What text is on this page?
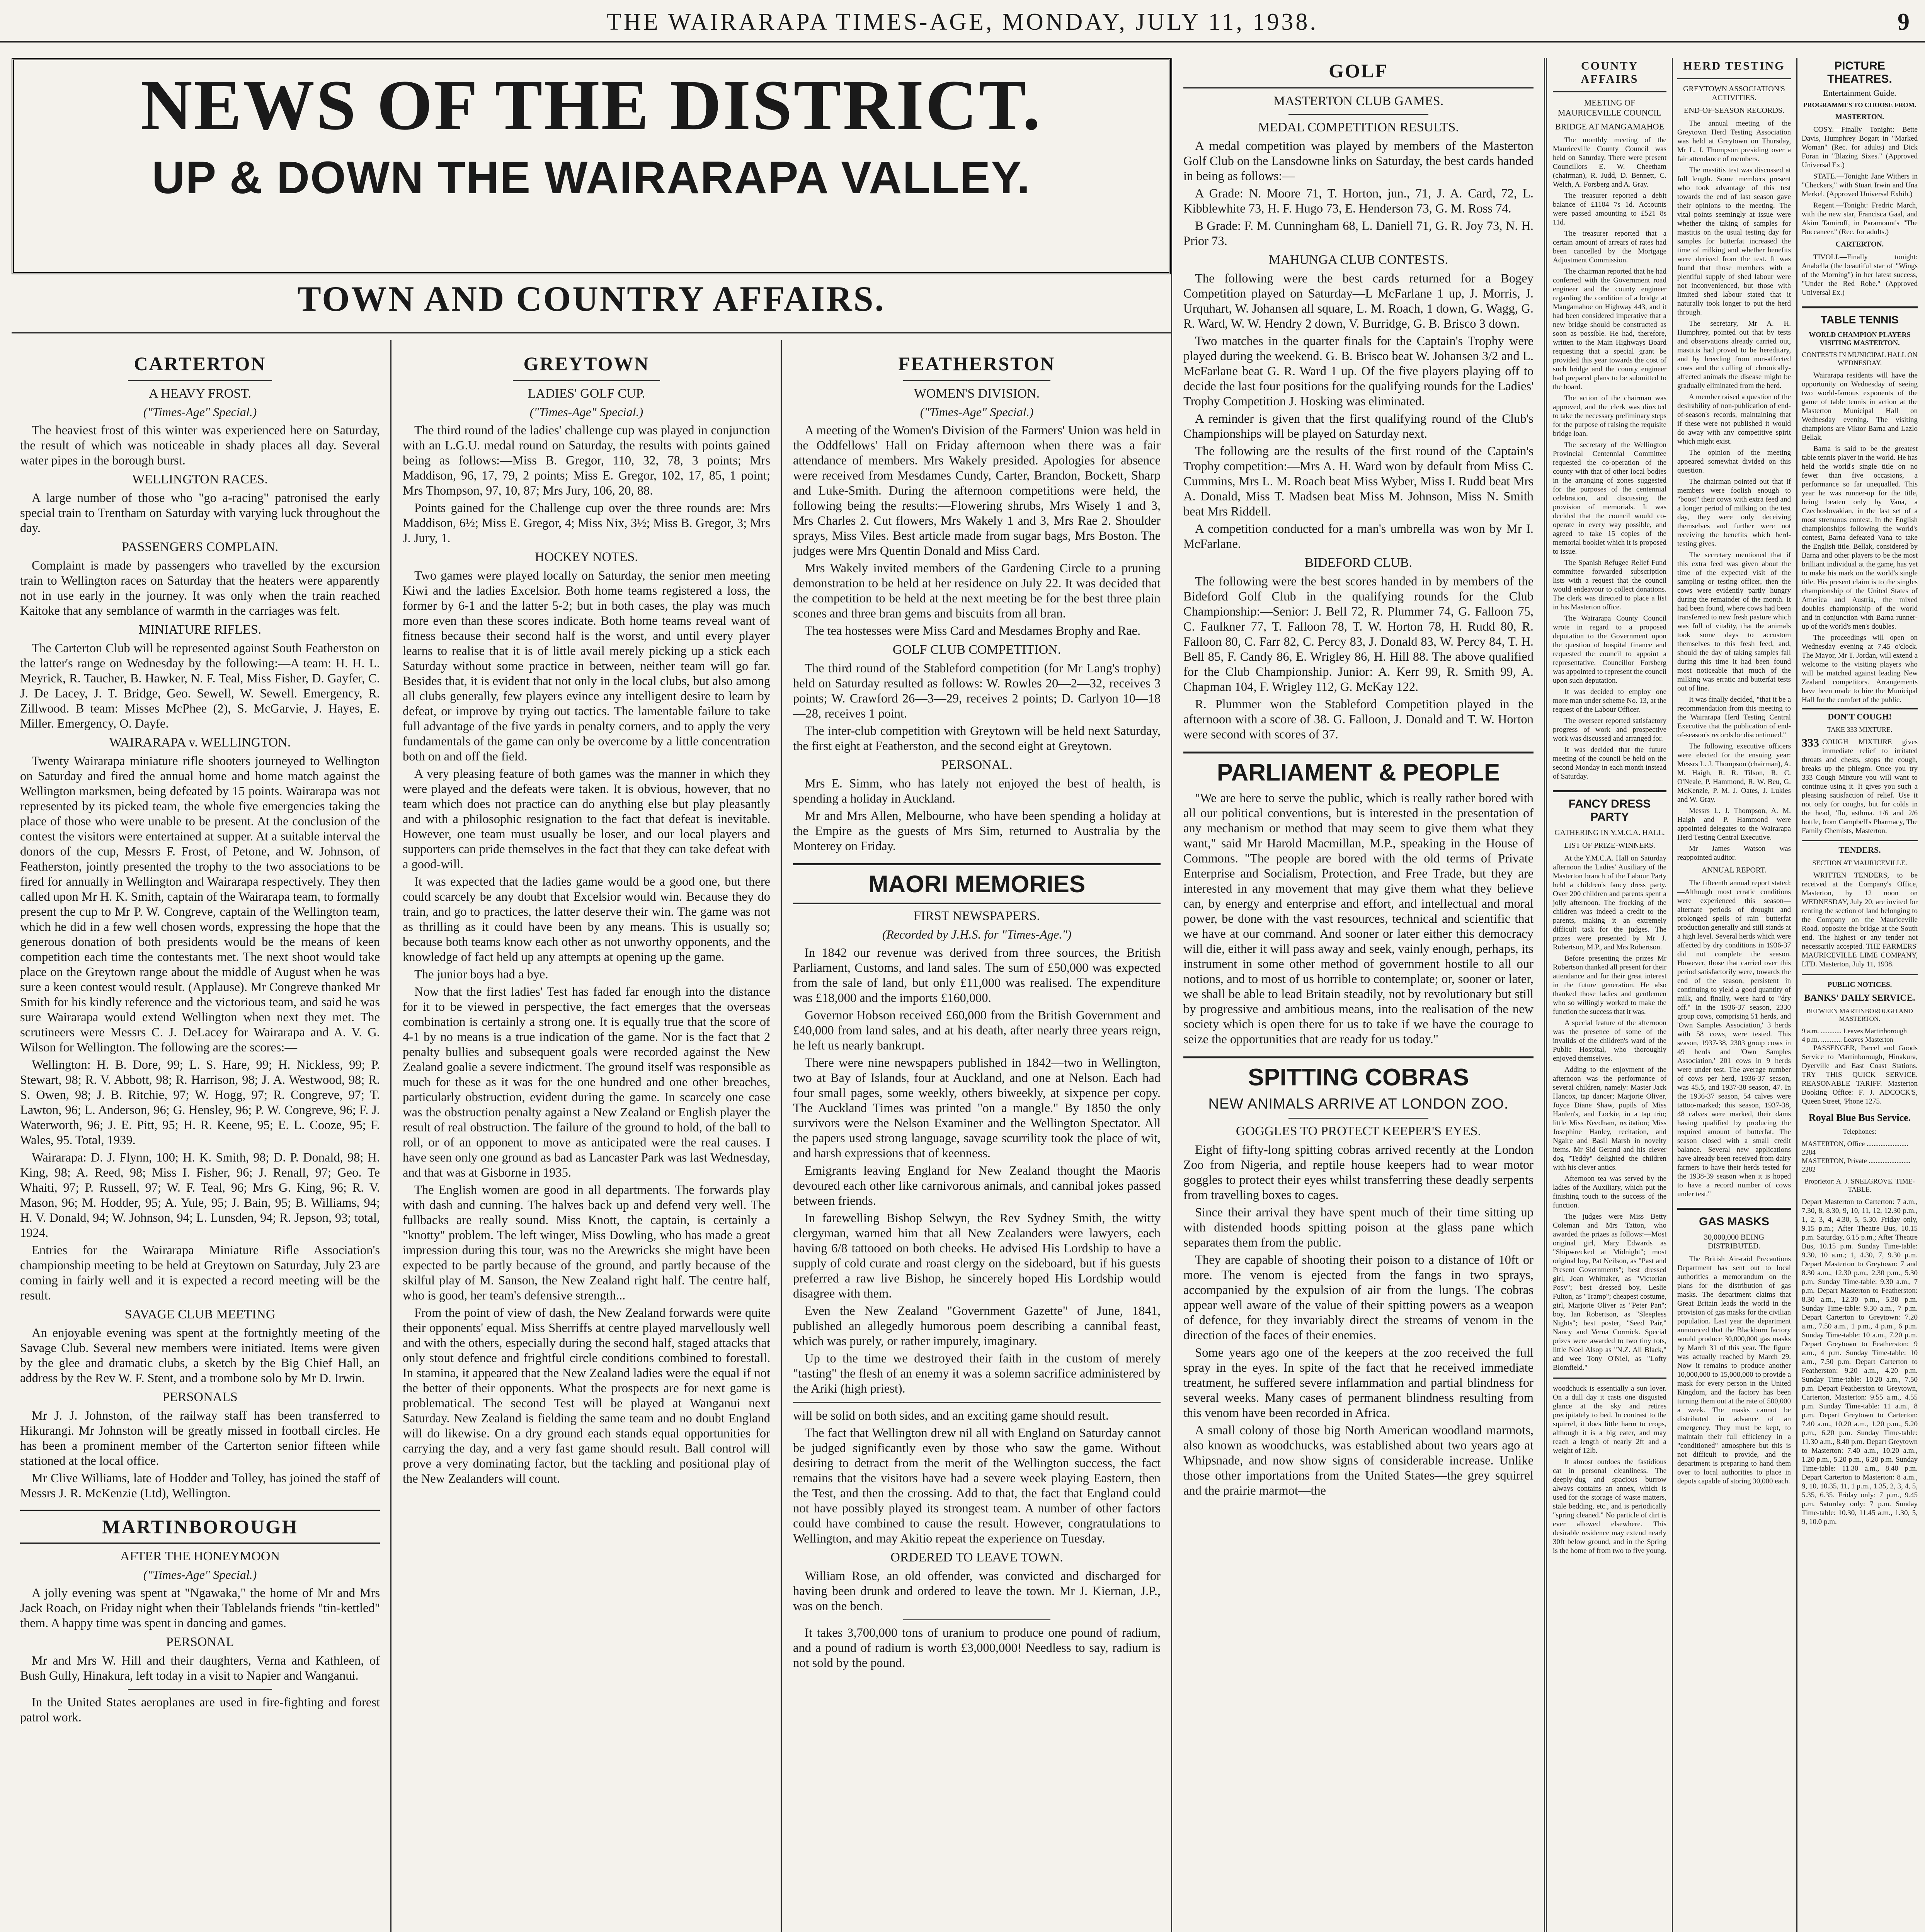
THE WAIRARAPA TIMES-AGE, MONDAY, JULY 11, 1938.	9
NEWS OF THE DISTRICT.
UP & DOWN THE WAIRARAPA VALLEY.
TOWN AND COUNTRY AFFAIRS.
CARTERTON
A HEAVY FROST.
("Times-Age" Special.)

The heaviest frost of this winter was experienced here on Saturday, the result of which was noticeable in shady places all day. Several water pipes in the borough burst.

WELLINGTON RACES.

A large number of those who "go a-racing" patronised the early special train to Trentham on Saturday with varying luck throughout the day.

PASSENGERS COMPLAIN.

Complaint is made by passengers who travelled by the excursion train to Wellington races on Saturday that the heaters were apparently not in use early in the journey. It was only when the train reached Kaitoke that any semblance of warmth in the carriages was felt.

MINIATURE RIFLES.

The Carterton Club will be represented against South Featherston on the latter's range on Wednesday by the following:—A team: H. H. L. Meyrick, R. Taucher, B. Hawker, N. F. Teal, Miss Fisher, D. Gayfer, C. J. De Lacey, J. T. Bridge, Geo. Sewell, W. Sewell. Emergency, R. Zillwood. B team: Misses McPhee (2), S. McGarvie, J. Hayes, E. Miller. Emergency, O. Dayfe.

WAIRARAPA v. WELLINGTON.

Twenty Wairarapa miniature rifle shooters journeyed to Wellington on Saturday and fired the annual home and home match against the Wellington marksmen, being defeated by 15 points. Wairarapa was not represented by its picked team, the whole five emergencies taking the place of those who were unable to be present. At the conclusion of the contest the visitors were entertained at supper. At a suitable interval the donors of the cup, Messrs F. Frost, of Petone, and W. Johnson, of Featherston, jointly presented the trophy to the two associations to be fired for annually in Wellington and Wairarapa respectively. They then called upon Mr H. K. Smith, captain of the Wairarapa team, to formally present the cup to Mr P. W. Congreve, captain of the Wellington team, which he did in a few well chosen words, expressing the hope that the generous donation of both presidents would be the means of keen competition each time the contestants met. The next shoot would take place on the Greytown range about the middle of August when he was sure a keen contest would result. (Applause). Mr Congreve thanked Mr Smith for his kindly reference and the victorious team, and said he was sure Wairarapa would extend Wellington when next they met. The scrutineers were Messrs C. J. DeLacey for Wairarapa and A. V. G. Wilson for Wellington. The following are the scores:—

Wellington: H. B. Dore, 99; L. S. Hare, 99; H. Nickless, 99; P. Stewart, 98; R. V. Abbott, 98; R. Harrison, 98; J. A. Westwood, 98; R. S. Owen, 98; J. B. Ritchie, 97; W. Hogg, 97; R. Congreve, 97; T. Lawton, 96; L. Anderson, 96; G. Hensley, 96; P. W. Congreve, 96; F. J. Waterworth, 96; J. E. Pitt, 95; H. R. Keene, 95; E. L. Cooze, 95; F. Wales, 95. Total, 1939.

Wairarapa: D. J. Flynn, 100; H. K. Smith, 98; D. P. Donald, 98; H. King, 98; A. Reed, 98; Miss I. Fisher, 96; J. Renall, 97; Geo. Te Whaiti, 97; P. Russell, 97; W. F. Teal, 96; Mrs G. King, 96; R. V. Mason, 96; M. Hodder, 95; A. Yule, 95; J. Bain, 95; B. Williams, 94; H. V. Donald, 94; W. Johnson, 94; L. Lunsden, 94; R. Jepson, 93; total, 1924.

Entries for the Wairarapa Miniature Rifle Association's championship meeting to be held at Greytown on Saturday, July 23 are coming in fairly well and it is expected a record meeting will be the result.

SAVAGE CLUB MEETING

An enjoyable evening was spent at the fortnightly meeting of the Savage Club. Several new members were initiated. Items were given by the glee and dramatic clubs, a sketch by the Big Chief Hall, an address by the Rev W. F. Stent, and a trombone solo by Mr D. Irwin.

PERSONALS

Mr J. J. Johnston, of the railway staff has been transferred to Hikurangi. Mr Johnston will be greatly missed in football circles. He has been a prominent member of the Carterton senior fifteen while stationed at the local office.

Mr Clive Williams, late of Hodder and Tolley, has joined the staff of Messrs J. R. McKenzie (Ltd), Wellington.

MARTINBOROUGH
AFTER THE HONEYMOON
("Times-Age" Special.)

A jolly evening was spent at "Ngawaka," the home of Mr and Mrs Jack Roach, on Friday night when their Tablelands friends "tin-kettled" them. A happy time was spent in dancing and games.

PERSONAL

Mr and Mrs W. Hill and their daughters, Verna and Kathleen, of Bush Gully, Hinakura, left today in a visit to Napier and Wanganui.

In the United States aeroplanes are used in fire-fighting and forest patrol work.

GREYTOWN
LADIES' GOLF CUP.
("Times-Age" Special.)

The third round of the ladies' challenge cup was played in conjunction with an L.G.U. medal round on Saturday, the results with points gained being as follows:—Miss B. Gregor, 110, 32, 78, 3 points; Mrs Maddison, 96, 17, 79, 2 points; Miss E. Gregor, 102, 17, 85, 1 point; Mrs Thompson, 97, 10, 87; Mrs Jury, 106, 20, 88.

Points gained for the Challenge cup over the three rounds are: Mrs Maddison, 6½; Miss E. Gregor, 4; Miss Nix, 3½; Miss B. Gregor, 3; Mrs J. Jury, 1.

HOCKEY NOTES.

Two games were played locally on Saturday, the senior men meeting Kiwi and the ladies Excelsior. Both home teams registered a loss, the former by 6-1 and the latter 5-2; but in both cases, the play was much more even than these scores indicate. Both home teams reveal want of fitness because their second half is the worst, and until every player learns to realise that it is of little avail merely picking up a stick each Saturday without some practice in between, neither team will go far. Besides that, it is evident that not only in the local clubs, but also among all clubs generally, few players evince any intelligent desire to learn by defeat, or improve by trying out tactics. The lamentable failure to take full advantage of the five yards in penalty corners, and to apply the very fundamentals of the game can only be overcome by a little concentration both on and off the field.

A very pleasing feature of both games was the manner in which they were played and the defeats were taken. It is obvious, however, that no team which does not practice can do anything else but play pleasantly and with a philosophic resignation to the fact that defeat is inevitable. However, one team must usually be loser, and our local players and supporters can pride themselves in the fact that they can take defeat with a good-will.

It was expected that the ladies game would be a good one, but there could scarcely be any doubt that Excelsior would win. Because they do train, and go to practices, the latter deserve their win. The game was not as thrilling as it could have been by any means. This is usually so; because both teams know each other as not unworthy opponents, and the knowledge of fact held up any attempts at opening up the game.

The junior boys had a bye.

Now that the first ladies' Test has faded far enough into the distance for it to be viewed in perspective, the fact emerges that the overseas combination is certainly a strong one. It is equally true that the score of 4-1 by no means is a true indication of the game. Nor is the fact that 2 penalty bullies and subsequent goals were recorded against the New Zealand goalie a severe indictment. The ground itself was responsible as much for these as it was for the one hundred and one other breaches, particularly obstruction, evident during the game. In scarcely one case was the obstruction penalty against a New Zealand or English player the result of real obstruction. The failure of the ground to hold, of the ball to roll, or of an opponent to move as anticipated were the real causes. I have seen only one ground as bad as Lancaster Park was last Wednesday, and that was at Gisborne in 1935.

The English women are good in all departments. The forwards play with dash and cunning. The halves back up and defend very well. The fullbacks are really sound. Miss Knott, the captain, is certainly a "knotty" problem. The left winger, Miss Dowling, who has made a great impression during this tour, was no the Arewricks she might have been expected to be partly because of the ground, and partly because of the skilful play of M. Sanson, the New Zealand right half. The centre half, who is good, her team's defensive strength...

From the point of view of dash, the New Zealand forwards were quite their opponents' equal. Miss Sherriffs at centre played marvellously well and with the others, especially during the second half, staged attacks that only stout defence and frightful circle conditions combined to forestall. In stamina, it appeared that the New Zealand ladies were the equal if not the better of their opponents. What the prospects are for next game is problematical. The second Test will be played at Wanganui next Saturday. New Zealand is fielding the same team and no doubt England will do likewise. On a dry ground each stands equal opportunities for carrying the day, and a very fast game should result. Ball control will prove a very dominating factor, but the tackling and positional play of the New Zealanders will count.

FEATHERSTON
WOMEN'S DIVISION.
("Times-Age" Special.)

A meeting of the Women's Division of the Farmers' Union was held in the Oddfellows' Hall on Friday afternoon when there was a fair attendance of members. Mrs Wakely presided. Apologies for absence were received from Mesdames Cundy, Carter, Brandon, Bockett, Sharp and Luke-Smith. During the afternoon competitions were held, the following being the results:—Flowering shrubs, Mrs Wisely 1 and 3, Mrs Charles 2. Cut flowers, Mrs Wakely 1 and 3, Mrs Rae 2. Shoulder sprays, Miss Viles. Best article made from sugar bags, Mrs Boston. The judges were Mrs Quentin Donald and Miss Card.

Mrs Wakely invited members of the Gardening Circle to a pruning demonstration to be held at her residence on July 22. It was decided that the competition to be held at the next meeting be for the best three plain scones and three bran gems and biscuits from all bran.

The tea hostesses were Miss Card and Mesdames Brophy and Rae.

GOLF CLUB COMPETITION.

The third round of the Stableford competition (for Mr Lang's trophy) held on Saturday resulted as follows: W. Rowles 20—2—32, receives 3 points; W. Crawford 26—3—29, receives 2 points; D. Carlyon 10—18—28, receives 1 point.

The inter-club competition with Greytown will be held next Saturday, the first eight at Featherston, and the second eight at Greytown.

PERSONAL.

Mrs E. Simm, who has lately not enjoyed the best of health, is spending a holiday in Auckland.

Mr and Mrs Allen, Melbourne, who have been spending a holiday at the Empire as the guests of Mrs Sim, returned to Australia by the Monterey on Friday.

MAORI MEMORIES
FIRST NEWSPAPERS.
(Recorded by J.H.S. for "Times-Age.")

In 1842 our revenue was derived from three sources, the British Parliament, Customs, and land sales. The sum of £50,000 was expected from the sale of land, but only £11,000 was realised. The expenditure was £18,000 and the imports £160,000.

Governor Hobson received £60,000 from the British Government and £40,000 from land sales, and at his death, after nearly three years reign, he left us nearly bankrupt.

There were nine newspapers published in 1842—two in Wellington, two at Bay of Islands, four at Auckland, and one at Nelson. Each had four small pages, some weekly, others biweekly, at sixpence per copy. The Auckland Times was printed "on a mangle." By 1850 the only survivors were the Nelson Examiner and the Wellington Spectator. All the papers used strong language, savage scurrility took the place of wit, and harsh expressions that of keenness.

Emigrants leaving England for New Zealand thought the Maoris devoured each other like carnivorous animals, and cannibal jokes passed between friends.

In farewelling Bishop Selwyn, the Rev Sydney Smith, the witty clergyman, warned him that all New Zealanders were lawyers, each having 6/8 tattooed on both cheeks. He advised His Lordship to have a supply of cold curate and roast clergy on the sideboard, but if his guests preferred a raw live Bishop, he sincerely hoped His Lordship would disagree with them.

Even the New Zealand "Government Gazette" of June, 1841, published an allegedly humorous poem describing a cannibal feast, which was purely, or rather impurely, imaginary.

Up to the time we destroyed their faith in the custom of merely "tasting" the flesh of an enemy it was a solemn sacrifice administered by the Ariki (high priest).

will be solid on both sides, and an exciting game should result.

The fact that Wellington drew nil all with England on Saturday cannot be judged significantly even by those who saw the game. Without desiring to detract from the merit of the Wellington success, the fact remains that the visitors have had a severe week playing Eastern, then the Test, and then the crossing. Add to that, the fact that England could not have possibly played its strongest team. A number of other factors could have combined to cause the result. However, congratulations to Wellington, and may Akitio repeat the experience on Tuesday.

ORDERED TO LEAVE TOWN.

William Rose, an old offender, was convicted and discharged for having been drunk and ordered to leave the town. Mr J. Kiernan, J.P., was on the bench.

It takes 3,700,000 tons of uranium to produce one pound of radium, and a pound of radium is worth £3,000,000! Needless to say, radium is not sold by the pound.

GOLF
MASTERTON CLUB GAMES.
MEDAL COMPETITION RESULTS.

A medal competition was played by members of the Masterton Golf Club on the Lansdowne links on Saturday, the best cards handed in being as follows:—

A Grade: N. Moore 71, T. Horton, jun., 71, J. A. Card, 72, L. Kibblewhite 73, H. F. Hugo 73, E. Henderson 73, G. M. Ross 74.

B Grade: F. M. Cunningham 68, L. Daniell 71, G. R. Joy 73, N. H. Prior 73.

MAHUNGA CLUB CONTESTS.

The following were the best cards returned for a Bogey Competition played on Saturday—L McFarlane 1 up, J. Morris, J. Urquhart, W. Johansen all square, L. M. Roach, 1 down, G. Wagg, G. R. Ward, W. W. Hendry 2 down, V. Burridge, G. B. Brisco 3 down.

Two matches in the quarter finals for the Captain's Trophy were played during the weekend. G. B. Brisco beat W. Johansen 3/2 and L. McFarlane beat G. R. Ward 1 up. Of the five players playing off to decide the last four positions for the qualifying rounds for the Ladies' Trophy Competition J. Hosking was eliminated.

A reminder is given that the first qualifying round of the Club's Championships will be played on Saturday next.

The following are the results of the first round of the Captain's Trophy competition:—Mrs A. H. Ward won by default from Miss C. Cummins, Mrs L. M. Roach beat Miss Wyber, Miss I. Rudd beat Mrs A. Donald, Miss T. Madsen beat Miss M. Johnson, Miss N. Smith beat Mrs Riddell.

A competition conducted for a man's umbrella was won by Mr I. McFarlane.

BIDEFORD CLUB.

The following were the best scores handed in by members of the Bideford Golf Club in the qualifying rounds for the Club Championship:—Senior: J. Bell 72, R. Plummer 74, G. Falloon 75, C. Faulkner 77, T. Falloon 78, T. W. Horton 78, H. Rudd 80, R. Falloon 80, C. Farr 82, C. Percy 83, J. Donald 83, W. Percy 84, T. H. Bell 85, F. Candy 86, E. Wrigley 86, H. Hill 88. The above qualified for the Club Championship. Junior: A. Kerr 99, R. Smith 99, A. Chapman 104, F. Wrigley 112, G. McKay 122.

R. Plummer won the Stableford Competition played in the afternoon with a score of 38. G. Falloon, J. Donald and T. W. Horton were second with scores of 37.

PARLIAMENT & PEOPLE

"We are here to serve the public, which is really rather bored with all our political conventions, but is interested in the presentation of any mechanism or method that may seem to give them what they want," said Mr Harold Macmillan, M.P., speaking in the House of Commons. "The people are bored with the old terms of Private Enterprise and Socialism, Protection, and Free Trade, but they are interested in any movement that may give them what they believe can, by energy and enterprise and effort, and intellectual and moral power, be done with the vast resources, technical and scientific that we have at our command. And sooner or later either this democracy will die, either it will pass away and seek, vainly enough, perhaps, its instrument in some other method of government hostile to all our notions, and to most of us horrible to contemplate; or, sooner or later, we shall be able to lead Britain steadily, not by revolutionary but still by progressive and ambitious means, into the realisation of the new society which is open there for us to take if we have the courage to seize the opportunities that are ready for us today."

SPITTING COBRAS
NEW ANIMALS ARRIVE AT LONDON ZOO.
GOGGLES TO PROTECT KEEPER'S EYES.

Eight of fifty-long spitting cobras arrived recently at the London Zoo from Nigeria, and reptile house keepers had to wear motor goggles to protect their eyes whilst transferring these deadly serpents from travelling boxes to cages.

Since their arrival they have spent much of their time sitting up with distended hoods spitting poison at the glass pane which separates them from the public.

They are capable of shooting their poison to a distance of 10ft or more. The venom is ejected from the fangs in two sprays, accompanied by the expulsion of air from the lungs. The cobras appear well aware of the value of their spitting powers as a weapon of defence, for they invariably direct the streams of venom in the direction of the faces of their enemies.

Some years ago one of the keepers at the zoo received the full spray in the eyes. In spite of the fact that he received immediate treatment, he suffered severe inflammation and partial blindness for several weeks. Many cases of permanent blindness resulting from this venom have been recorded in Africa.

A small colony of those big North American woodland marmots, also known as woodchucks, was established about two years ago at Whipsnade, and now show signs of considerable increase. Unlike those other importations from the United States—the grey squirrel and the prairie marmot—the

COUNTY AFFAIRS
MEETING OF MAURICEVILLE COUNCIL
BRIDGE AT MANGAMAHOE

The monthly meeting of the Mauriceville County Council was held on Saturday. There were present Councillors E. W. Cheetham (chairman), R. Judd, D. Bennett, C. Welch, A. Forsberg and A. Gray.

The treasurer reported a debit balance of £1104 7s 1d. Accounts were passed amounting to £521 8s 11d.

The treasurer reported that a certain amount of arrears of rates had been cancelled by the Mortgage Adjustment Commission.

The chairman reported that he had conferred with the Government road engineer and the county engineer regarding the condition of a bridge at Mangamahoe on Highway 443, and it had been considered imperative that a new bridge should be constructed as soon as possible. He had, therefore, written to the Main Highways Board requesting that a special grant be provided this year towards the cost of such bridge and the county engineer had prepared plans to be submitted to the board.

The action of the chairman was approved, and the clerk was directed to take the necessary preliminary steps for the purpose of raising the requisite bridge loan.

The secretary of the Wellington Provincial Centennial Committee requested the co-operation of the county with that of other local bodies in the arranging of zones suggested for the purposes of the centennial celebration, and discussing the provision of memorials. It was decided that the council would co-operate in every way possible, and agreed to take 15 copies of the memorial booklet which it is proposed to issue.

The Spanish Refugee Relief Fund committee forwarded subscription lists with a request that the council would endeavour to collect donations. The clerk was directed to place a list in his Masterton office.

The Wairarapa County Council wrote in regard to a proposed deputation to the Government upon the question of hospital finance and requested the council to appoint a representative. Councillor Forsberg was appointed to represent the council upon such deputation.

It was decided to employ one more man under scheme No. 13, at the request of the Labour Officer.

The overseer reported satisfactory progress of work and prospective work was discussed and arranged for.

It was decided that the future meeting of the council be held on the second Monday in each month instead of Saturday.

FANCY DRESS PARTY
GATHERING IN Y.M.C.A. HALL.
LIST OF PRIZE-WINNERS.

At the Y.M.C.A. Hall on Saturday afternoon the Ladies' Auxiliary of the Masterton branch of the Labour Party held a children's fancy dress party. Over 200 children and parents spent a jolly afternoon. The frocking of the children was indeed a credit to the parents, making it an extremely difficult task for the judges. The prizes were presented by Mr J. Robertson, M.P., and Mrs Robertson.

Before presenting the prizes Mr Robertson thanked all present for their attendance and for their great interest in the future generation. He also thanked those ladies and gentlemen who so willingly worked to make the function the success that it was.

A special feature of the afternoon was the presence of some of the invalids of the children's ward of the Public Hospital, who thoroughly enjoyed themselves.

Adding to the enjoyment of the afternoon was the performance of several children, namely: Master Jack Hancox, tap dancer; Marjorie Oliver, Joyce Diane Shaw, pupils of Miss Hanlen's, and Lockie, in a tap trio; little Miss Needham, recitation; Miss Josephine Hanley, recitation, and Ngaire and Basil Marsh in novelty items. Mr Sid Gerand and his clever dog "Teddy" delighted the children with his clever antics.

Afternoon tea was served by the ladies of the Auxiliary, which put the finishing touch to the success of the function.

The judges were Miss Betty Coleman and Mrs Tatton, who awarded the prizes as follows:—Most original girl, Mary Edwards as "Shipwrecked at Midnight"; most original boy, Pat Neilson, as "Past and Present Governments"; best dressed girl, Joan Whittaker, as "Victorian Posy"; best dressed boy, Leslie Fulton, as "Tramp"; cheapest costume, girl, Marjorie Oliver as "Peter Pan"; boy, Ian Robertson, as "Sleepless Nights"; best poster, "Seed Pair," Nancy and Verna Cormick. Special prizes were awarded to two tiny tots, little Noel Alsop as "N.Z. All Black," and wee Tony O'Niel, as "Lofty Blomfield."

woodchuck is essentially a sun lover. On a dull day it casts one disgusted glance at the sky and retires precipitately to bed. In contrast to the squirrel, it does little harm to crops, although it is a big eater, and may reach a length of nearly 2ft and a weight of 12lb.

It almost outdoes the fastidious cat in personal cleanliness. The deeply-dug and spacious burrow always contains an annex, which is used for the storage of waste matters, stale bedding, etc., and is periodically "spring cleaned." No particle of dirt is ever allowed elsewhere. This desirable residence may extend nearly 30ft below ground, and in the Spring is the home of from two to five young.

HERD TESTING
GREYTOWN ASSOCIATION'S ACTIVITIES.
END-OF-SEASON RECORDS.

The annual meeting of the Greytown Herd Testing Association was held at Greytown on Thursday, Mr L. J. Thompson presiding over a fair attendance of members.

The mastitis test was discussed at full length. Some members present who took advantage of this test towards the end of last season gave their opinions to the meeting. The vital points seemingly at issue were whether the taking of samples for mastitis on the usual testing day for samples for butterfat increased the time of milking and whether benefits were derived from the test. It was found that those members with a plentiful supply of shed labour were not inconvenienced, but those with limited shed labour stated that it naturally took longer to put the herd through.

The secretary, Mr A. H. Humphrey, pointed out that by tests and observations already carried out, mastitis had proved to be hereditary, and by breeding from non-affected cows and the culling of chronically-affected animals the disease might be gradually eliminated from the herd.

A member raised a question of the desirability of non-publication of end-of-season's records, maintaining that if these were not published it would do away with any competitive spirit which might exist.

The opinion of the meeting appeared somewhat divided on this question.

The chairman pointed out that if members were foolish enough to "boost" their cows with extra feed and a longer period of milking on the test day, they were only deceiving themselves and further were not receiving the benefits which herd-testing gives.

The secretary mentioned that if this extra feed was given about the time of the expected visit of the sampling or testing officer, then the cows were evidently partly hungry during the remainder of the month. It had been found, where cows had been transferred to new fresh pasture which was full of vitality, that the animals took some days to accustom themselves to this fresh feed, and, should the day of taking samples fall during this time it had been found most noticeable that much of the milking was erratic and butterfat tests out of line.

It was finally decided, "that it be a recommendation from this meeting to the Wairarapa Herd Testing Central Executive that the publication of end-of-season's records be discontinued."

The following executive officers were elected for the ensuing year: Messrs L. J. Thompson (chairman), A. M. Haigh, R. R. Tilson, R. C. O'Neale, P. Hammond, R. W. Beu, G. McKenzie, P. M. J. Oates, J. Lukies and W. Gray.

Messrs L. J. Thompson, A. M. Haigh and P. Hammond were appointed delegates to the Wairarapa Herd Testing Central Executive.

Mr James Watson was reappointed auditor.

ANNUAL REPORT.

The fifteenth annual report stated:—Although most erratic conditions were experienced this season—alternate periods of drought and prolonged spells of rain—butterfat production generally and still stands at a high level. Several herds which were affected by dry conditions in 1936-37 did not complete the season. However, those that carried over this period satisfactorily were, towards the end of the season, persistent in continuing to yield a good quantity of milk, and finally, were hard to "dry off." In the 1936-37 season, 2330 group cows, comprising 51 herds, and 'Own Samples Association,' 3 herds with 58 cows, were tested. This season, 1937-38, 2303 group cows in 49 herds and 'Own Samples Association,' 201 cows in 9 herds were under test. The average number of cows per herd, 1936-37 season, was 45.5, and 1937-38 season, 47. In the 1936-37 season, 54 calves were tattoo-marked; this season, 1937-38, 48 calves were marked, their dams having qualified by producing the required amount of butterfat. The season closed with a small credit balance. Several new applications have already been received from dairy farmers to have their herds tested for the 1938-39 season when it is hoped to have a record number of cows under test."

GAS MASKS
30,000,000 BEING DISTRIBUTED.

The British Air-raid Precautions Department has sent out to local authorities a memorandum on the plans for the distribution of gas masks. The department claims that Great Britain leads the world in the provision of gas masks for the civilian population. Last year the department announced that the Blackburn factory would produce 30,000,000 gas masks by March 31 of this year. The figure was actually reached by March 29. Now it remains to produce another 10,000,000 to 15,000,000 to provide a mask for every person in the United Kingdom, and the factory has been turning them out at the rate of 500,000 a week. The masks cannot be distributed in advance of an emergency. They must be kept, to maintain their full efficiency in a "conditioned" atmosphere but this is not difficult to provide, and the department is preparing to hand them over to local authorities to place in depots capable of storing 30,000 each.

PICTURE THEATRES.
Entertainment Guide.
PROGRAMMES TO CHOOSE FROM.
MASTERTON.

COSY.—Finally Tonight: Bette Davis, Humphrey Bogart in "Marked Woman" (Rec. for adults) and Dick Foran in "Blazing Sixes." (Approved Universal Ex.)

STATE.—Tonight: Jane Withers in "Checkers," with Stuart Irwin and Una Merkel. (Approved Universal Exhib.)

Regent.—Tonight: Fredric March, with the new star, Francisca Gaal, and Akim Tamiroff, in Paramount's "The Buccaneer." (Rec. for adults.)

CARTERTON.

TIVOLI.—Finally tonight: Anabella (the beautiful star of "Wings of the Morning") in her latest success, "Under the Red Robe." (Approved Universal Ex.)

TABLE TENNIS
WORLD CHAMPION PLAYERS VISITING MASTERTON.
CONTESTS IN MUNICIPAL HALL ON WEDNESDAY.

Wairarapa residents will have the opportunity on Wednesday of seeing two world-famous exponents of the game of table tennis in action at the Masterton Municipal Hall on Wednesday evening. The visiting champions are Viktor Barna and Lazlo Bellak.

Barna is said to be the greatest table tennis player in the world. He has held the world's single title on no fewer than five occasions, a performance so far unequalled. This year he was runner-up for the title, being beaten only by Vana, a Czechoslovakian, in the last set of a most strenuous contest. In the English championships following the world's contest, Barna defeated Vana to take the English title. Bellak, considered by Barna and other players to be the most brilliant individual at the game, has yet to make his mark on the world's single title. His present claim is to the singles championship of the United States of America and Austria, the mixed doubles championship of the world and in conjunction with Barna runner-up of the world's men's doubles.

The proceedings will open on Wednesday evening at 7.45 o'clock. The Mayor, Mr T. Jordan, will extend a welcome to the visiting players who will be matched against leading New Zealand competitors. Arrangements have been made to hire the Municipal Hall for the comfort of the public.

DON'T COUGH!
TAKE 333 MIXTURE.

333 COUGH MIXTURE gives immediate relief to irritated throats and chests, stops the cough, breaks up the phlegm. Once you try 333 Cough Mixture you will want to continue using it. It gives you such a pleasing satisfaction of relief. Use it not only for coughs, but for colds in the head, 'flu, asthma. 1/6 and 2/6 bottle, from Campbell's Pharmacy, The Family Chemists, Masterton.

TENDERS.
SECTION AT MAURICEVILLE.

WRITTEN TENDERS, to be received at the Company's Office, Masterton, by 12 noon on WEDNESDAY, July 20, are invited for renting the section of land belonging to the Company on the Mauriceville Road, opposite the bridge at the South end. The highest or any tender not necessarily accepted. THE FARMERS' MAURICEVILLE LIME COMPANY, LTD. Masterton, July 11, 1938.

PUBLIC NOTICES.
BANKS' DAILY SERVICE.
BETWEEN MARTINBOROUGH AND MASTERTON.
9 a.m. ............ Leaves Martinborough
4 p.m. ............ Leaves Masterton

PASSENGER, Parcel and Goods Service to Martinborough, Hinakura, Dyerville and East Coast Stations. TRY THIS QUICK SERVICE. REASONABLE TARIFF. Masterton Booking Office: F. J. ADCOCK'S, Queen Street, 'Phone 1275.

Royal Blue Bus Service.
Telephones:
MASTERTON, Office ........................ 2284
MASTERTON, Private ........................ 2282
Proprietor: A. J. SNELGROVE. TIME-TABLE.

Depart Masterton to Carterton: 7 a.m., 7.30, 8, 8.30, 9, 10, 11, 12, 12.30 p.m., 1, 2, 3, 4, 4.30, 5, 5.30. Friday only, 9.15 p.m.; After Theatre Bus, 10.15 p.m. Saturday, 6.15 p.m.; After Theatre Bus, 10.15 p.m. Sunday Time-table: 9.30, 10 a.m.; 1, 4.30, 7, 9.30 p.m. Depart Masterton to Greytown: 7 and 8.30 a.m., 12.30 p.m., 2.30 p.m., 5.30 p.m. Sunday Time-table: 9.30 a.m., 7 p.m. Depart Masterton to Featherston: 8.30 a.m., 12.30 p.m., 5.30 p.m. Sunday Time-table: 9.30 a.m., 7 p.m. Depart Carterton to Greytown: 7.20 a.m., 7.50 a.m., 1 p.m., 4 p.m., 6 p.m. Sunday Time-table: 10 a.m., 7.20 p.m. Depart Greytown to Featherston: 9 a.m., 4 p.m. Sunday Time-table: 10 a.m., 7.50 p.m. Depart Carterton to Featherston: 9.20 a.m., 4.20 p.m. Sunday Time-table: 10.20 a.m., 7.50 p.m. Depart Featherston to Greytown, Carterton, Masterton: 9.55 a.m., 4.55 p.m. Sunday Time-table: 11 a.m., 8 p.m. Depart Greytown to Carterton: 7.40 a.m., 10.20 a.m., 1.20 p.m., 5.20 p.m., 6.20 p.m. Sunday Time-table: 11.30 a.m., 8.40 p.m. Depart Greytown to Masterton: 7.40 a.m., 10.20 a.m., 1.20 p.m., 5.20 p.m., 6.20 p.m. Sunday Time-table: 11.30 a.m., 8.40 p.m. Depart Carterton to Masterton: 8 a.m., 9, 10, 10.35, 11, 1 p.m., 1.35, 2, 3, 4, 5, 5.35, 6.35. Friday only: 7 p.m., 9.45 p.m. Saturday only: 7 p.m. Sunday Time-table: 10.30, 11.45 a.m., 1.30, 5, 9, 10.0 p.m.
